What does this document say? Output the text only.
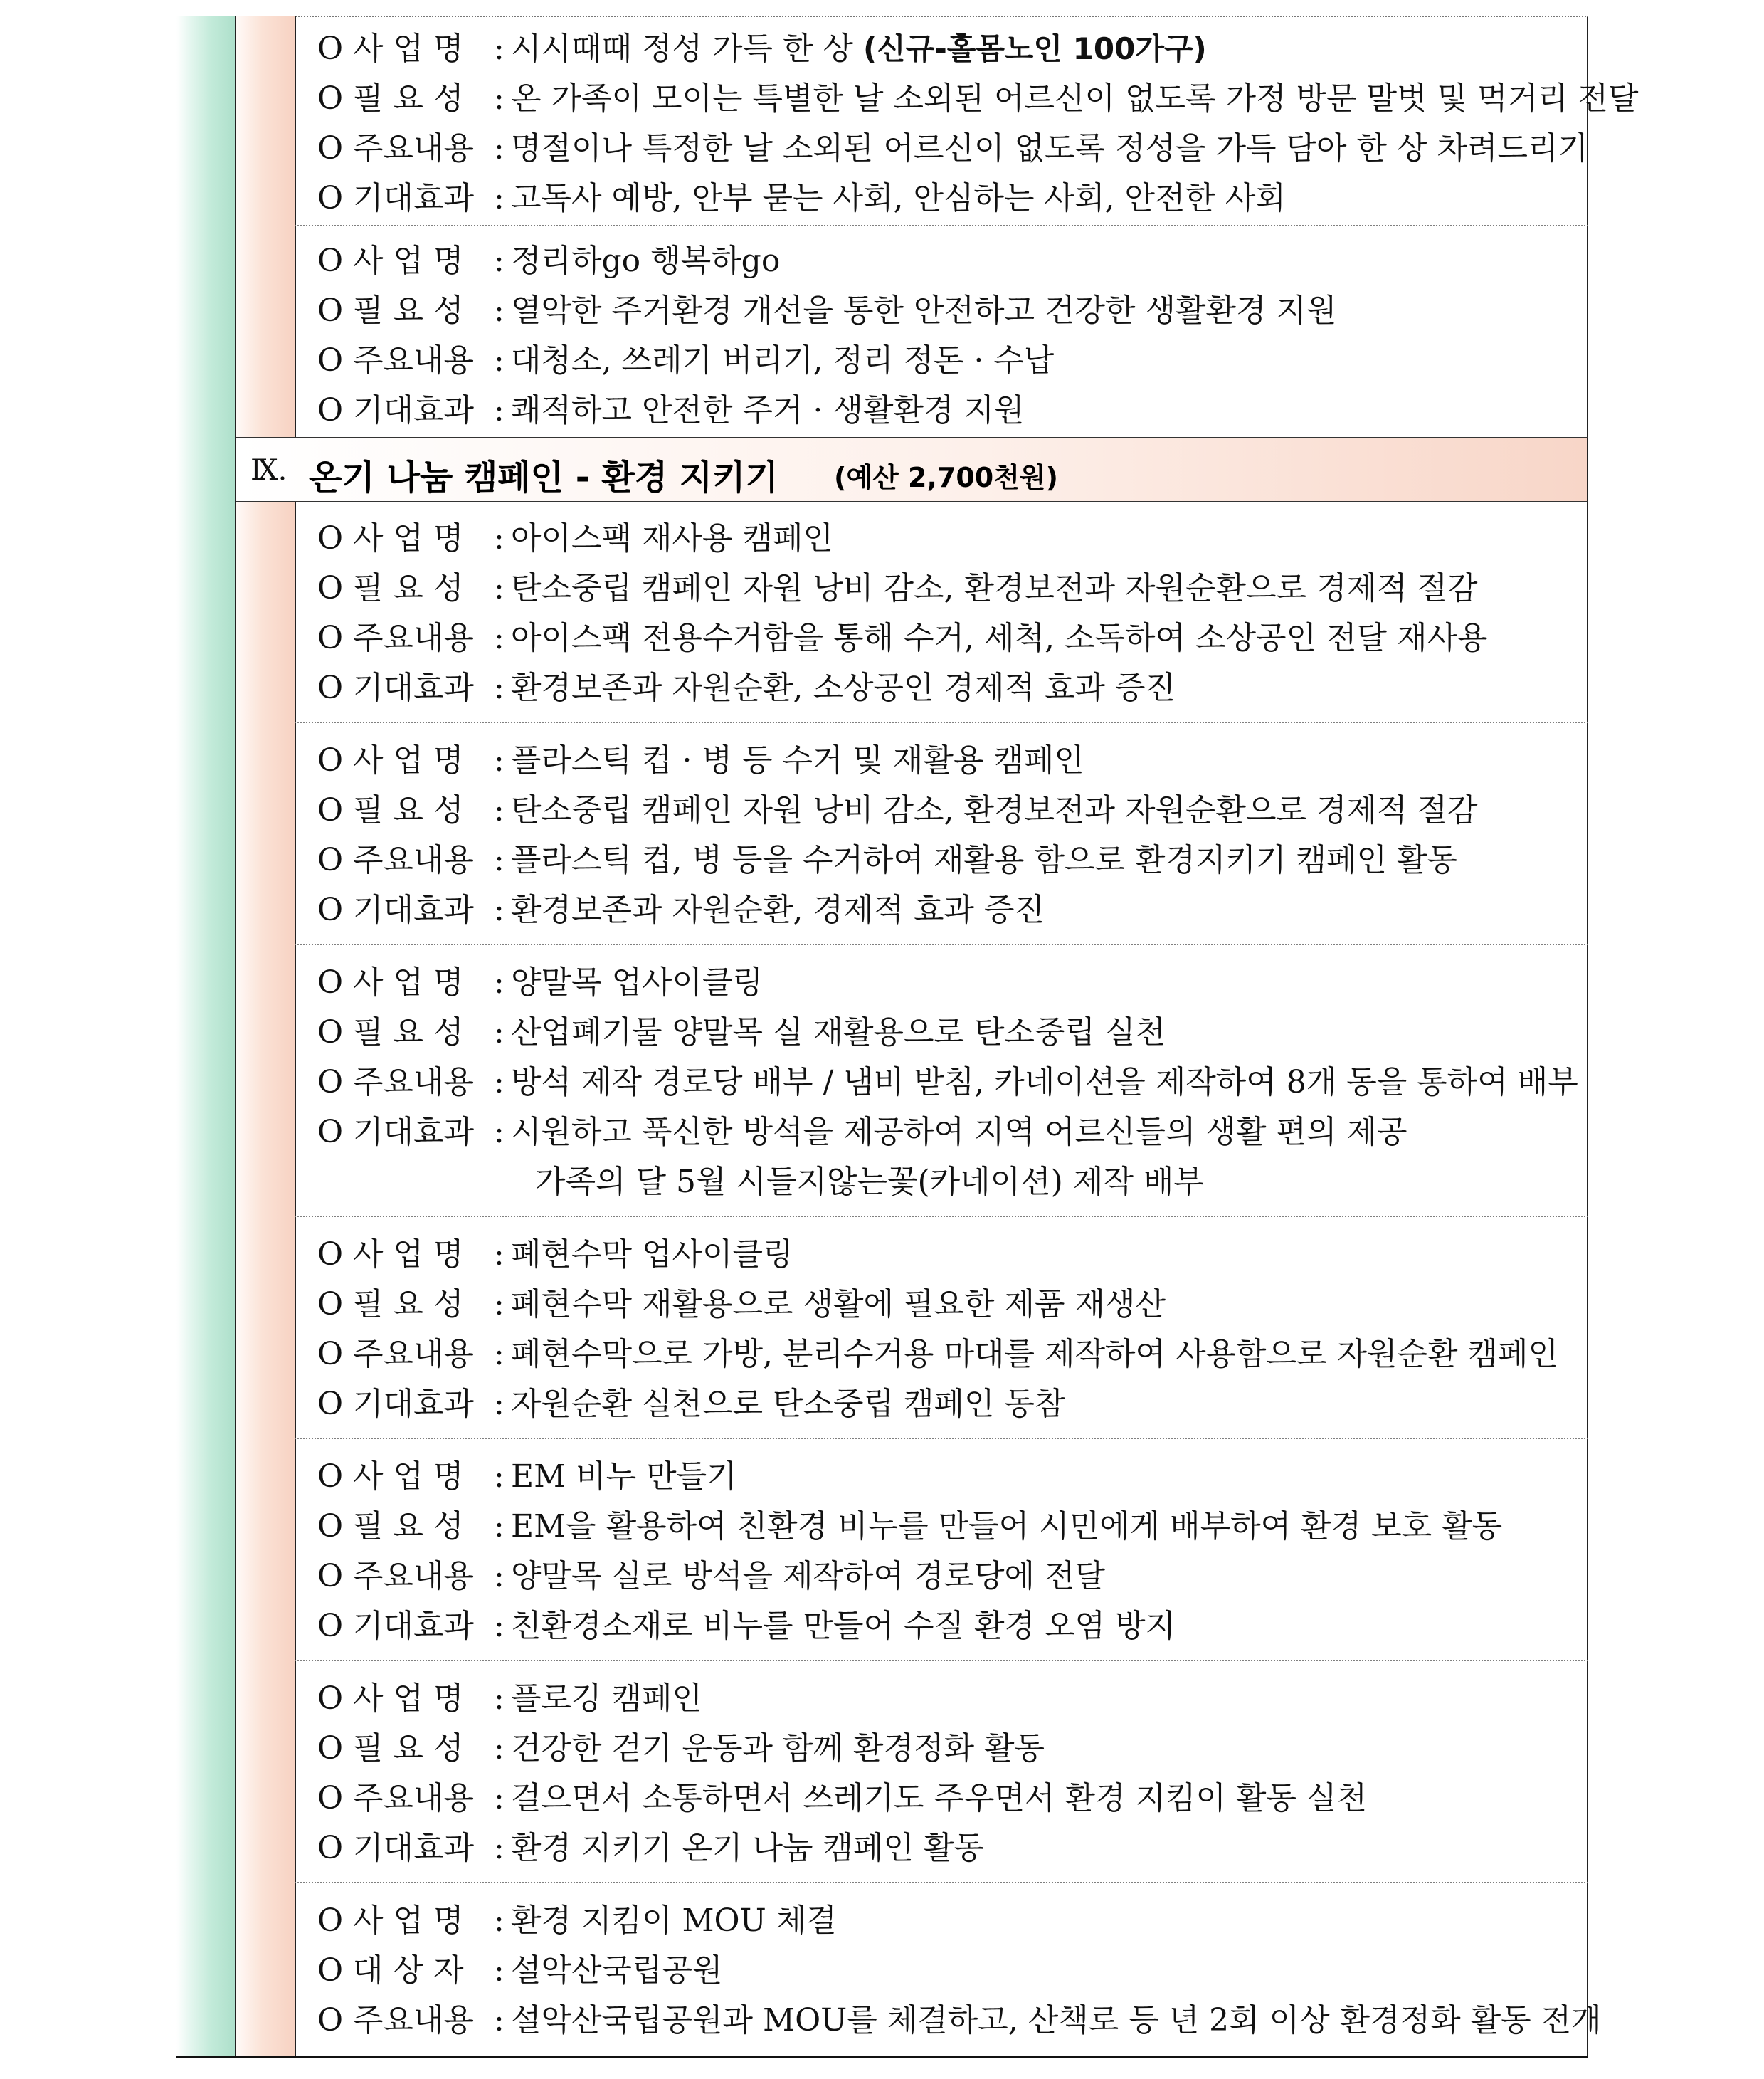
O 사 업 명 : 시시때때 정성 가득 한 상 (신규-홀몸노인 100가구)
O 필 요 성 : 온 가족이 모이는 특별한 날 소외된 어르신이 없도록 가정 방문 말벗 및 먹거리 전달
O 주요내용 : 명절이나 특정한 날 소외된 어르신이 없도록 정성을 가득 담아 한 상 차려드리기
O 기대효과 : 고독사 예방, 안부 묻는 사회, 안심하는 사회, 안전한 사회
O 사 업 명 : 정리하go 행복하go
O 필 요 성 : 열악한 주거환경 개선을 통한 안전하고 건강한 생활환경 지원
O 주요내용 : 대청소, 쓰레기 버리기, 정리 정돈 · 수납
O 기대효과 : 쾌적하고 안전한 주거 · 생활환경 지원
Ⅸ. 온기 나눔 캠페인 - 환경 지키기 (예산 2,700천원)
O 사 업 명 : 아이스팩 재사용 캠페인
O 필 요 성 : 탄소중립 캠페인 자원 낭비 감소, 환경보전과 자원순환으로 경제적 절감
O 주요내용 : 아이스팩 전용수거함을 통해 수거, 세척, 소독하여 소상공인 전달 재사용
O 기대효과 : 환경보존과 자원순환, 소상공인 경제적 효과 증진
O 사 업 명 : 플라스틱 컵 · 병 등 수거 및 재활용 캠페인
O 필 요 성 : 탄소중립 캠페인 자원 낭비 감소, 환경보전과 자원순환으로 경제적 절감
O 주요내용 : 플라스틱 컵, 병 등을 수거하여 재활용 함으로 환경지키기 캠페인 활동
O 기대효과 : 환경보존과 자원순환, 경제적 효과 증진
O 사 업 명 : 양말목 업사이클링
O 필 요 성 : 산업폐기물 양말목 실 재활용으로 탄소중립 실천
O 주요내용 : 방석 제작 경로당 배부 / 냄비 받침, 카네이션을 제작하여 8개 동을 통하여 배부
O 기대효과 : 시원하고 푹신한 방석을 제공하여 지역 어르신들의 생활 편의 제공
가족의 달 5월 시들지않는꽃(카네이션) 제작 배부
O 사 업 명 : 폐현수막 업사이클링
O 필 요 성 : 폐현수막 재활용으로 생활에 필요한 제품 재생산
O 주요내용 : 폐현수막으로 가방, 분리수거용 마대를 제작하여 사용함으로 자원순환 캠페인
O 기대효과 : 자원순환 실천으로 탄소중립 캠페인 동참
O 사 업 명 : EM 비누 만들기
O 필 요 성 : EM을 활용하여 친환경 비누를 만들어 시민에게 배부하여 환경 보호 활동
O 주요내용 : 양말목 실로 방석을 제작하여 경로당에 전달
O 기대효과 : 친환경소재로 비누를 만들어 수질 환경 오염 방지
O 사 업 명 : 플로깅 캠페인
O 필 요 성 : 건강한 걷기 운동과 함께 환경정화 활동
O 주요내용 : 걸으면서 소통하면서 쓰레기도 주우면서 환경 지킴이 활동 실천
O 기대효과 : 환경 지키기 온기 나눔 캠페인 활동
O 사 업 명 : 환경 지킴이 MOU 체결
O 대 상 자 : 설악산국립공원
O 주요내용 : 설악산국립공원과 MOU를 체결하고, 산책로 등 년 2회 이상 환경정화 활동 전개
